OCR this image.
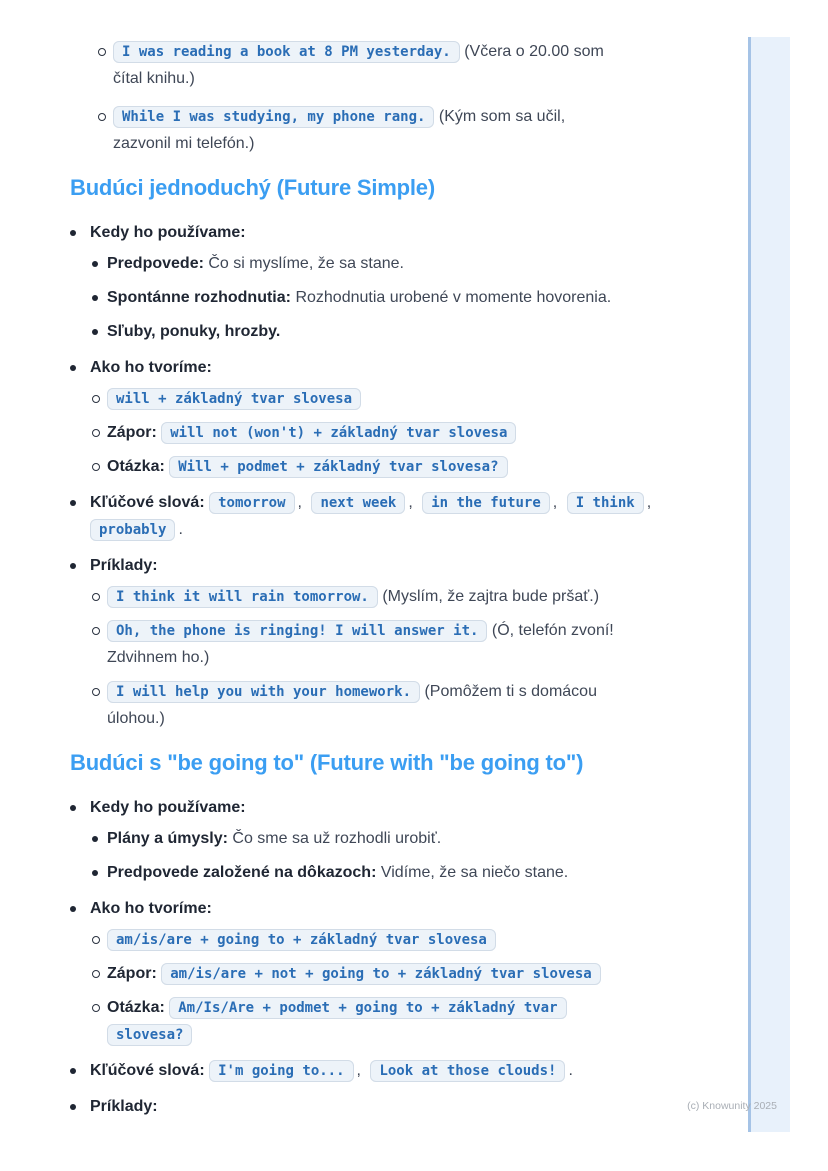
I was reading a book at 8 PM yesterday. (Včera o 20.00 som
čítal knihu.)
While I was studying, my phone rang. (Kým som sa učil,
zazvonil mi telefón.)
Budúci jednoduchý (Future Simple)
Kedy ho používame:
Predpovede: Čo si myslíme, že sa stane.
Spontánne rozhodnutia: Rozhodnutia urobené v momente hovorenia.
Sľuby, ponuky, hrozby.
Ako ho tvoríme:
will + základný tvar slovesa
Zápor: will not (won't) + základný tvar slovesa
Otázka: Will + podmet + základný tvar slovesa?
Kľúčové slová: tomorrow , next week , in the future , I think , probably .
Príklady:
I think it will rain tomorrow. (Myslím, že zajtra bude pršať.)
Oh, the phone is ringing! I will answer it. (Ó, telefón zvoní!
Zdvihnem ho.)
I will help you with your homework. (Pomôžem ti s domácou
úlohou.)
Budúci s "be going to" (Future with "be going to")
Kedy ho používame:
Plány a úmysly: Čo sme sa už rozhodli urobiť.
Predpovede založené na dôkazoch: Vidíme, že sa niečo stane.
Ako ho tvoríme:
am/is/are + going to + základný tvar slovesa
Zápor: am/is/are + not + going to + základný tvar slovesa
Otázka: Am/Is/Are + podmet + going to + základný tvar
slovesa?
Kľúčové slová: I'm going to... , Look at those clouds! .
Príklady:	(c) Knowunity 2025
